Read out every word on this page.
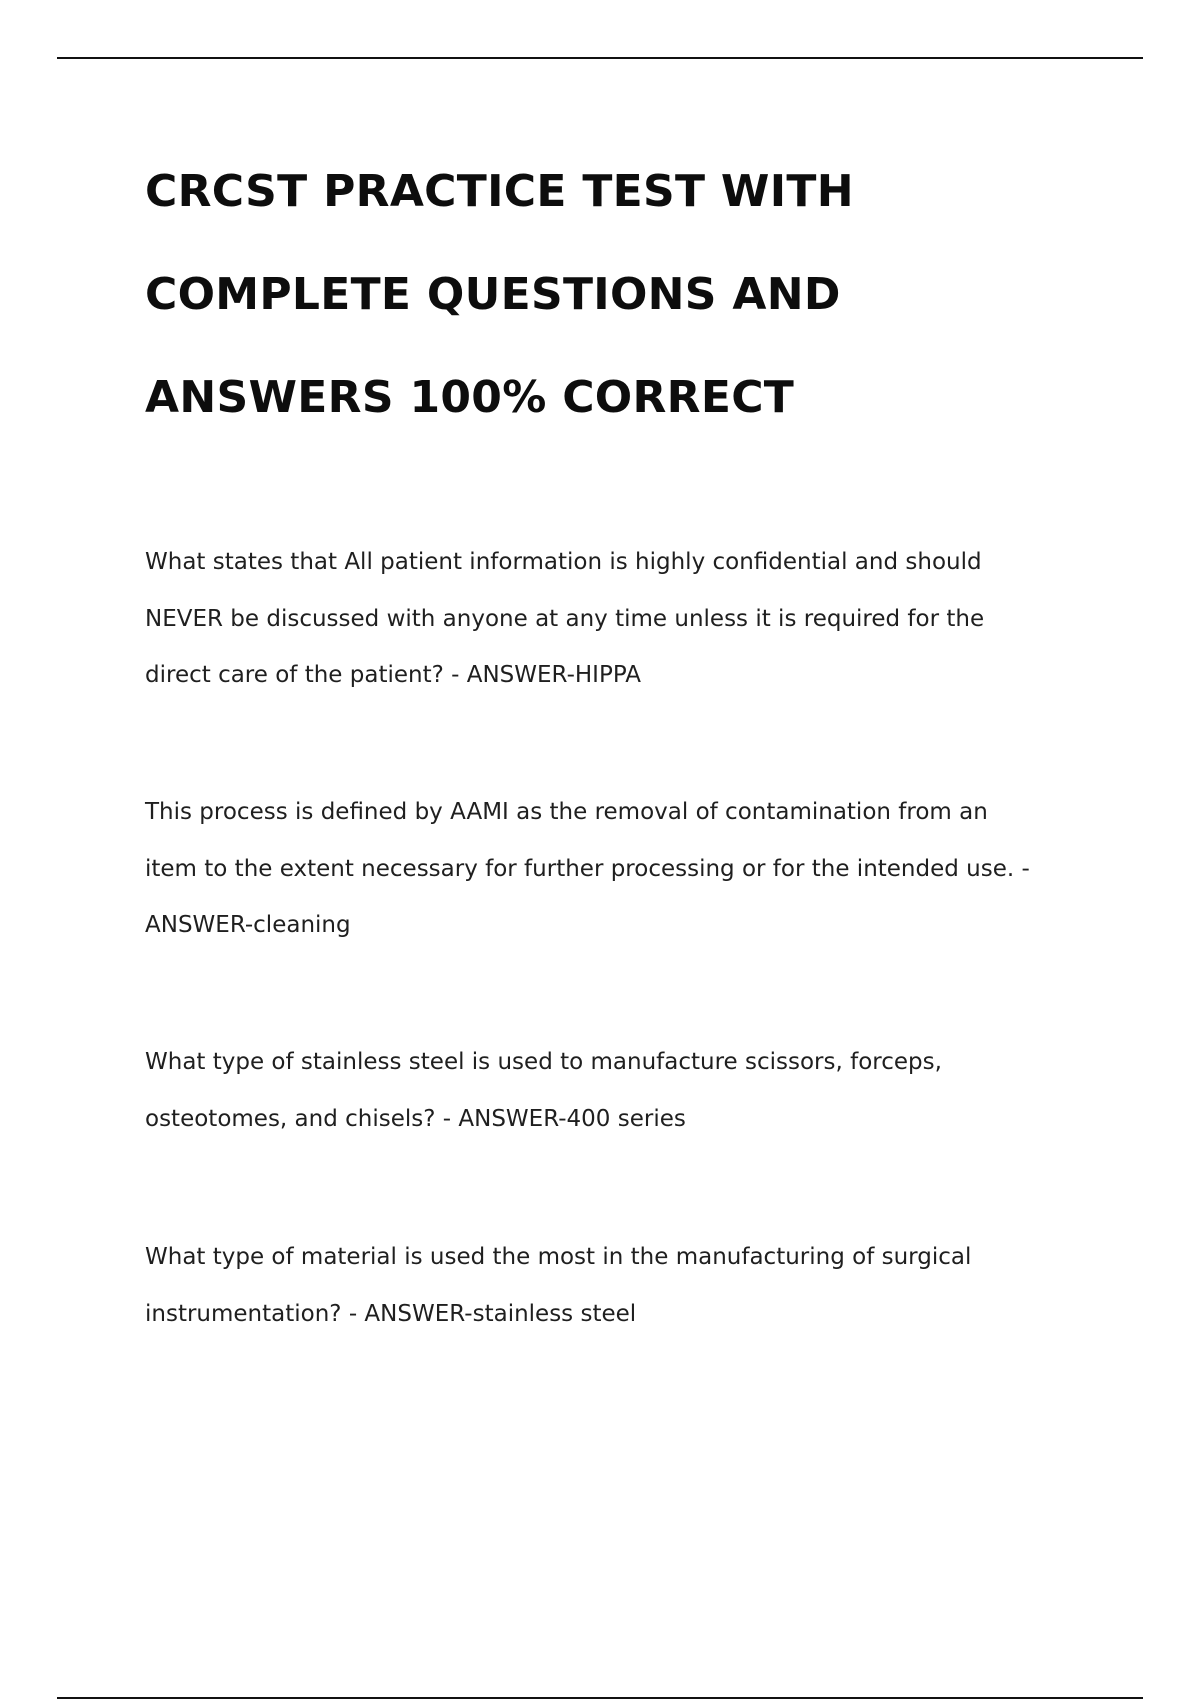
CRCST PRACTICE TEST WITH
COMPLETE QUESTIONS AND
ANSWERS 100% CORRECT

What states that All patient information is highly confidential and should
NEVER be discussed with anyone at any time unless it is required for the
direct care of the patient? - ANSWER-HIPPA

This process is defined by AAMI as the removal of contamination from an
item to the extent necessary for further processing or for the intended use. -
ANSWER-cleaning

What type of stainless steel is used to manufacture scissors, forceps,
osteotomes, and chisels? - ANSWER-400 series

What type of material is used the most in the manufacturing of surgical
instrumentation? - ANSWER-stainless steel
